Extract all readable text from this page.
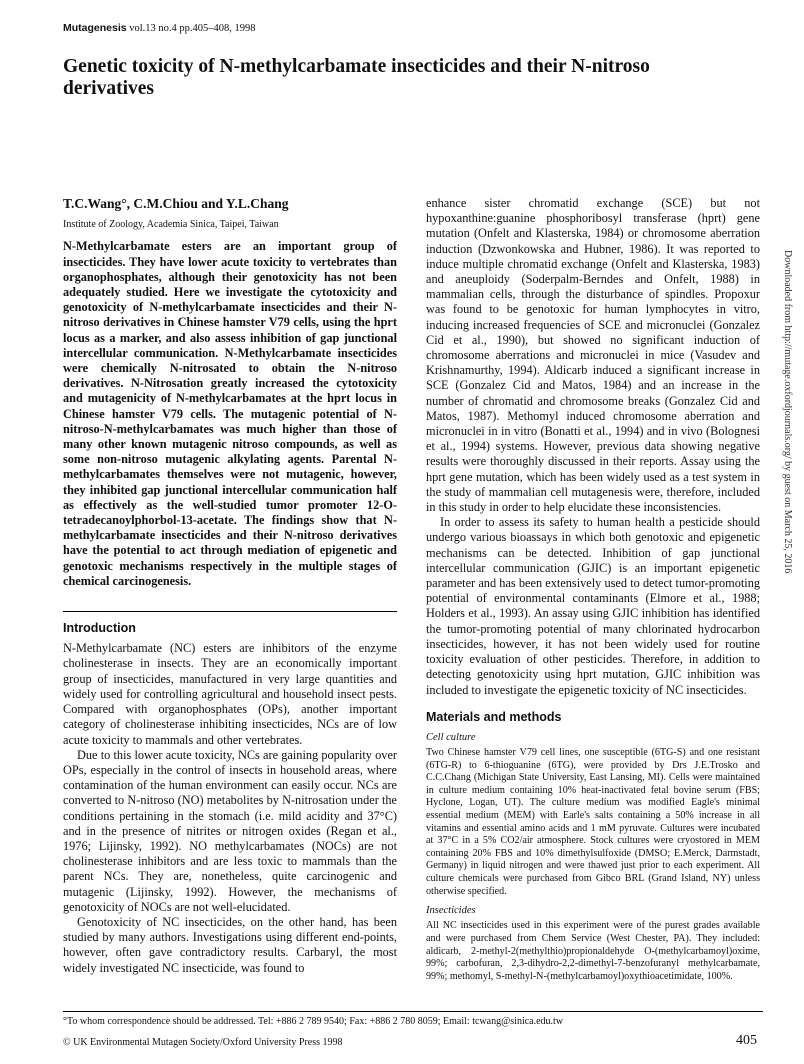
Mutagenesis vol.13 no.4 pp.405–408, 1998
Genetic toxicity of N-methylcarbamate insecticides and their N-nitroso derivatives
T.C.Wang°, C.M.Chiou and Y.L.Chang
Institute of Zoology, Academia Sinica, Taipei, Taiwan

N-Methylcarbamate esters are an important group of insecticides. They have lower acute toxicity to vertebrates than organophosphates, although their genotoxicity has not been adequately studied. Here we investigate the cytotoxicity and genotoxicity of N-methylcarbamate insecticides and their N-nitroso derivatives in Chinese hamster V79 cells, using the hprt locus as a marker, and also assess inhibition of gap junctional intercellular communication. N-Methylcarbamate insecticides were chemically N-nitrosated to obtain the N-nitroso derivatives. N-Nitrosation greatly increased the cytotoxicity and mutagenicity of N-methylcarbamates at the hprt locus in Chinese hamster V79 cells. The mutagenic potential of N-nitroso-N-methylcarbamates was much higher than those of many other known mutagenic nitroso compounds, as well as some non-nitroso mutagenic alkylating agents. Parental N-methylcarbamates themselves were not mutagenic, however, they inhibited gap junctional intercellular communication half as effectively as the well-studied tumor promoter 12-O-tetradecanoylphorbol-13-acetate. The findings show that N-methylcarbamate insecticides and their N-nitroso derivatives have the potential to act through mediation of epigenetic and genotoxic mechanisms respectively in the multiple stages of chemical carcinogenesis.

Introduction

N-Methylcarbamate (NC) esters are inhibitors of the enzyme cholinesterase in insects. They are an economically important group of insecticides, manufactured in very large quantities and widely used for controlling agricultural and household insect pests. Compared with organophosphates (OPs), another important category of cholinesterase inhibiting insecticides, NCs are of low acute toxicity to mammals and other vertebrates.

Due to this lower acute toxicity, NCs are gaining popularity over OPs, especially in the control of insects in household areas, where contamination of the human environment can easily occur. NCs are converted to N-nitroso (NO) metabolites by N-nitrosation under the conditions pertaining in the stomach (i.e. mild acidity and 37°C) and in the presence of nitrites or nitrogen oxides (Regan et al., 1976; Lijinsky, 1992). NO methylcarbamates (NOCs) are not cholinesterase inhibitors and are less toxic to mammals than the parent NCs. They are, nonetheless, quite carcinogenic and mutagenic (Lijinsky, 1992). However, the mechanisms of genotoxicity of NOCs are not well-elucidated.

Genotoxicity of NC insecticides, on the other hand, has been studied by many authors. Investigations using different end-points, however, often gave contradictory results. Carbaryl, the most widely investigated NC insecticide, was found to

enhance sister chromatid exchange (SCE) but not hypoxanthine:guanine phosphoribosyl transferase (hprt) gene mutation (Onfelt and Klasterska, 1984) or chromosome aberration induction (Dzwonkowska and Hubner, 1986). It was reported to induce multiple chromatid exchange (Onfelt and Klasterska, 1983) and aneuploidy (Soderpalm-Berndes and Onfelt, 1988) in mammalian cells, through the disturbance of spindles. Propoxur was found to be genotoxic for human lymphocytes in vitro, inducing increased frequencies of SCE and micronuclei (Gonzalez Cid et al., 1990), but showed no significant induction of chromosome aberrations and micronuclei in mice (Vasudev and Krishnamurthy, 1994). Aldicarb induced a significant increase in SCE (Gonzalez Cid and Matos, 1984) and an increase in the number of chromatid and chromosome breaks (Gonzalez Cid and Matos, 1987). Methomyl induced chromosome aberration and micronuclei in in vitro (Bonatti et al., 1994) and in vivo (Bolognesi et al., 1994) systems. However, previous data showing negative results were thoroughly discussed in their reports. Assay using the hprt gene mutation, which has been widely used as a test system in the study of mammalian cell mutagenesis were, therefore, included in this study in order to help elucidate these inconsistencies.

In order to assess its safety to human health a pesticide should undergo various bioassays in which both genotoxic and epigenetic mechanisms can be detected. Inhibition of gap junctional intercellular communication (GJIC) is an important epigenetic parameter and has been extensively used to detect tumor-promoting potential of environmental contaminants (Elmore et al., 1988; Holders et al., 1993). An assay using GJIC inhibition has identified the tumor-promoting potential of many chlorinated hydrocarbon insecticides, however, it has not been widely used for routine toxicity evaluation of other pesticides. Therefore, in addition to detecting genotoxicity using hprt mutation, GJIC inhibition was included to investigate the epigenetic toxicity of NC insecticides.

Materials and methods
Cell culture

Two Chinese hamster V79 cell lines, one susceptible (6TG-S) and one resistant (6TG-R) to 6-thioguanine (6TG), were provided by Drs J.E.Trosko and C.C.Chang (Michigan State University, East Lansing, MI). Cells were maintained in culture medium containing 10% heat-inactivated fetal bovine serum (FBS; Hyclone, Logan, UT). The culture medium was modified Eagle's minimal essential medium (MEM) with Earle's salts containing a 50% increase in all vitamins and essential amino acids and 1 mM pyruvate. Cultures were incubated at 37°C in a 5% CO2/air atmosphere. Stock cultures were cryostored in MEM containing 20% FBS and 10% dimethylsulfoxide (DMSO; E.Merck, Darmstadt, Germany) in liquid nitrogen and were thawed just prior to each experiment. All culture chemicals were purchased from Gibco BRL (Grand Island, NY) unless otherwise specified.

Insecticides

All NC insecticides used in this experiment were of the purest grades available and were purchased from Chem Service (West Chester, PA). They included: aldicarb, 2-methyl-2(methylthio)propionaldehyde O-(methylcarbamoyl)oxime, 99%; carbofuran, 2,3-dihydro-2,2-dimethyl-7-benzofuranyl methylcarbamate, 99%; methomyl, S-methyl-N-(methylcarbamoyl)oxythioacetimidate, 100%.

°To whom correspondence should be addressed. Tel: +886 2 789 9540; Fax: +886 2 780 8059; Email: tcwang@sinica.edu.tw
© UK Environmental Mutagen Society/Oxford University Press 1998	405
Downloaded from http://mutage.oxfordjournals.org/ by guest on March 25, 2016
